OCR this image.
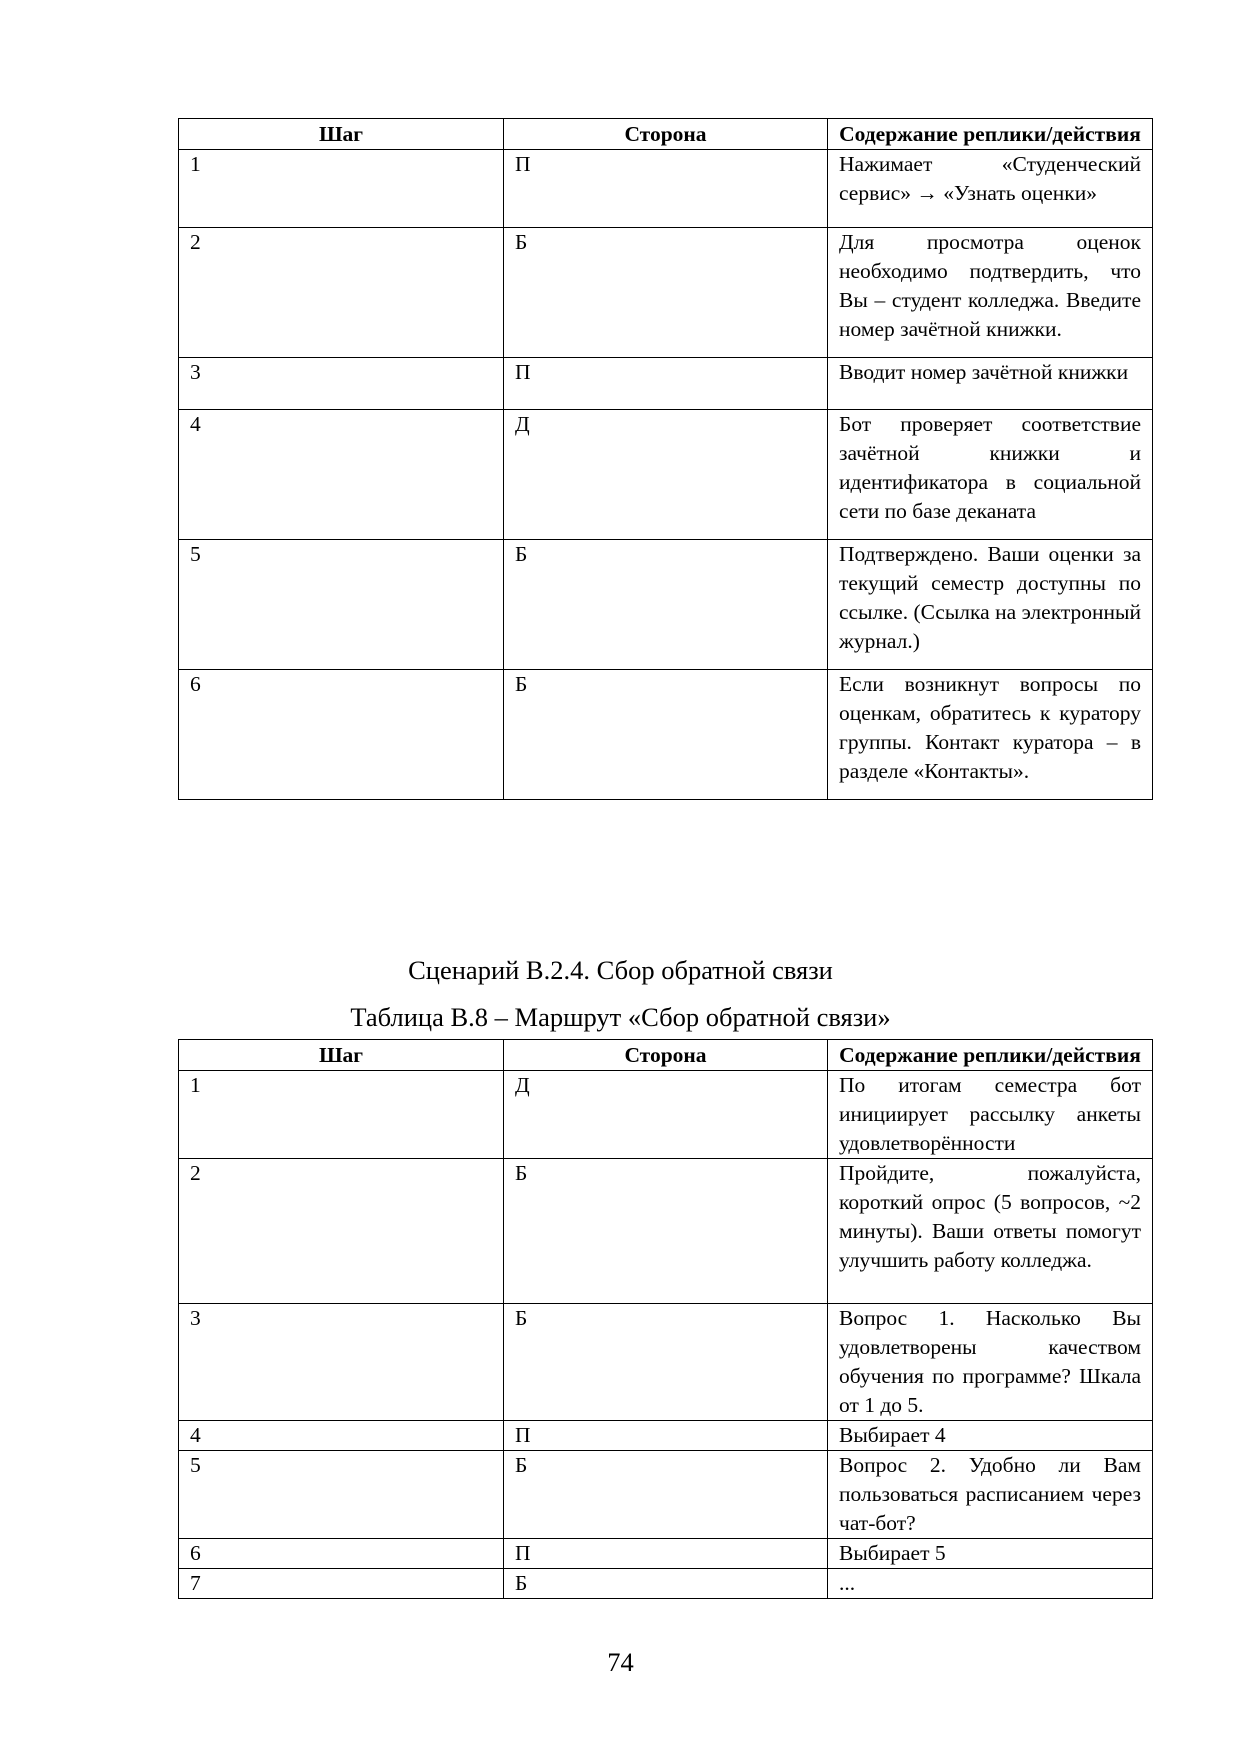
Шаг	Сторона	Содержание реплики/действия
1	П	Нажимает «Студенческий сервис» → «Узнать оценки»
2	Б	Для просмотра оценок необходимо подтвердить, что Вы – студент колледжа. Введите номер зачётной книжки.
3	П	Вводит номер зачётной книжки
4	Д	Бот проверяет соответствие зачётной книжки и идентификатора в социальной сети по базе деканата
5	Б	Подтверждено. Ваши оценки за текущий семестр доступны по ссылке. (Ссылка на электронный журнал.)
6	Б	Если возникнут вопросы по оценкам, обратитесь к куратору группы. Контакт куратора – в разделе «Контакты».
Сценарий В.2.4. Сбор обратной связи
Таблица В.8 – Маршрут «Сбор обратной связи»
Шаг	Сторона	Содержание реплики/действия
1	Д	По итогам семестра бот инициирует рассылку анкеты удовлетворённости
2	Б	Пройдите, пожалуйста, короткий опрос (5 вопросов, ~2 минуты). Ваши ответы помогут улучшить работу колледжа.
3	Б	Вопрос 1. Насколько Вы удовлетворены качеством обучения по программе? Шкала от 1 до 5.
4	П	Выбирает 4
5	Б	Вопрос 2. Удобно ли Вам пользоваться расписанием через чат-бот?
6	П	Выбирает 5
7	Б	...
74
